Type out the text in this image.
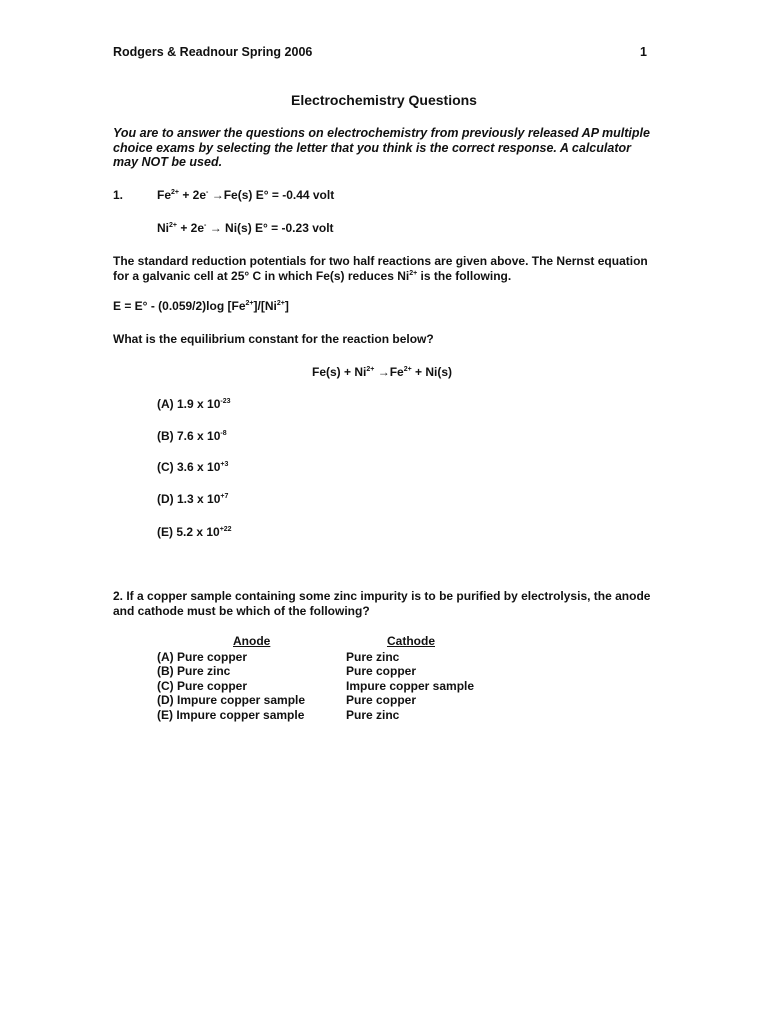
Rodgers & Readnour Spring 2006	1
Electrochemistry Questions
You are to answer the questions on electrochemistry from previously released AP multiple choice exams by selecting the letter that you think is the correct response. A calculator may NOT be used.
1.	$Fe^{2+} + 2e^- \to Fe(s) E^\circ = -0.44$ volt
$Ni^{2+} + 2e^- \to Ni(s) E^\circ = -0.23$ volt
The standard reduction potentials for two half reactions are given above. The Nernst equation for a galvanic cell at 25° C in which Fe(s) reduces $Ni^{2+}$ is the following.
E = E° - (0.059/2)log $[Fe^{2+}]/[Ni^{2+}]$
What is the equilibrium constant for the reaction below?
$Fe(s) + Ni^{2+} \to Fe^{2+} + Ni(s)$
(A) 1.9 x $10^{-23}$
(B) 7.6 x $10^{-8}$
(C) 3.6 x $10^{+3}$
(D) 1.3 x $10^{+7}$
(E) 5.2 x $10^{+22}$
2. If a copper sample containing some zinc impurity is to be purified by electrolysis, the anode and cathode must be which of the following?
Anode	Cathode
(A) Pure copper	Pure zinc
(B) Pure zinc	Pure copper
(C) Pure copper	Impure copper sample
(D) Impure copper sample	Pure copper
(E) Impure copper sample	Pure zinc
